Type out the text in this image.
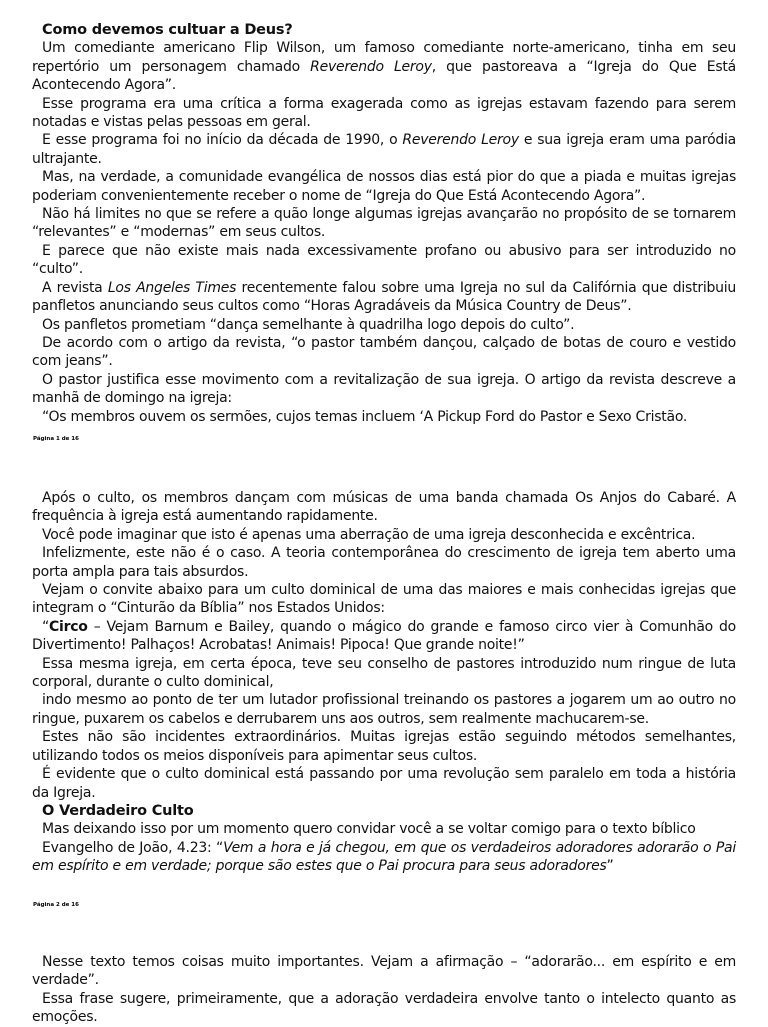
Como devemos cultuar a Deus?

Um comediante americano Flip Wilson, um famoso comediante norte-americano, tinha em seu repertório um personagem chamado Reverendo Leroy, que pastoreava a “Igreja do Que Está Acontecendo Agora”.

Esse programa era uma crítica a forma exagerada como as igrejas estavam fazendo para serem notadas e vistas pelas pessoas em geral.

E esse programa foi no início da década de 1990, o Reverendo Leroy e sua igreja eram uma paródia ultrajante.

Mas, na verdade, a comunidade evangélica de nossos dias está pior do que a piada e muitas igrejas poderiam convenientemente receber o nome de “Igreja do Que Está Acontecendo Agora”.

Não há limites no que se refere a quão longe algumas igrejas avançarão no propósito de se tornarem “relevantes” e “modernas” em seus cultos.

E parece que não existe mais nada excessivamente profano ou abusivo para ser introduzido no “culto”.

A revista Los Angeles Times recentemente falou sobre uma Igreja no sul da Califórnia que distribuiu panfletos anunciando seus cultos como “Horas Agradáveis da Música Country de Deus”.

Os panfletos prometiam “dança semelhante à quadrilha logo depois do culto”.

De acordo com o artigo da revista, “o pastor também dançou, calçado de botas de couro e vestido com jeans”.

O pastor justifica esse movimento com a revitalização de sua igreja. O artigo da revista descreve a manhã de domingo na igreja:

“Os membros ouvem os sermões, cujos temas incluem ‘A Pickup Ford do Pastor e Sexo Cristão.

Página 1 de 16

Após o culto, os membros dançam com músicas de uma banda chamada Os Anjos do Cabaré. A frequência à igreja está aumentando rapidamente.

Você pode imaginar que isto é apenas uma aberração de uma igreja desconhecida e excêntrica.

Infelizmente, este não é o caso. A teoria contemporânea do crescimento de igreja tem aberto uma porta ampla para tais absurdos.

Vejam o convite abaixo para um culto dominical de uma das maiores e mais conhecidas igrejas que integram o “Cinturão da Bíblia” nos Estados Unidos:

“Circo – Vejam Barnum e Bailey, quando o mágico do grande e famoso circo vier à Comunhão do Divertimento! Palhaços! Acrobatas! Animais! Pipoca! Que grande noite!”

Essa mesma igreja, em certa época, teve seu conselho de pastores introduzido num ringue de luta corporal, durante o culto dominical,

indo mesmo ao ponto de ter um lutador profissional treinando os pastores a jogarem um ao outro no ringue, puxarem os cabelos e derrubarem uns aos outros, sem realmente machucarem-se.

Estes não são incidentes extraordinários. Muitas igrejas estão seguindo métodos semelhantes, utilizando todos os meios disponíveis para apimentar seus cultos.

É evidente que o culto dominical está passando por uma revolução sem paralelo em toda a história da Igreja.

O Verdadeiro Culto

Mas deixando isso por um momento quero convidar você a se voltar comigo para o texto bíblico

Evangelho de João, 4.23: “Vem a hora e já chegou, em que os verdadeiros adoradores adorarão o Pai em espírito e em verdade; porque são estes que o Pai procura para seus adoradores”

Página 2 de 16

Nesse texto temos coisas muito importantes. Vejam a afirmação – “adorarão... em espírito e em verdade”.

Essa frase sugere, primeiramente, que a adoração verdadeira envolve tanto o intelecto quanto as emoções.
